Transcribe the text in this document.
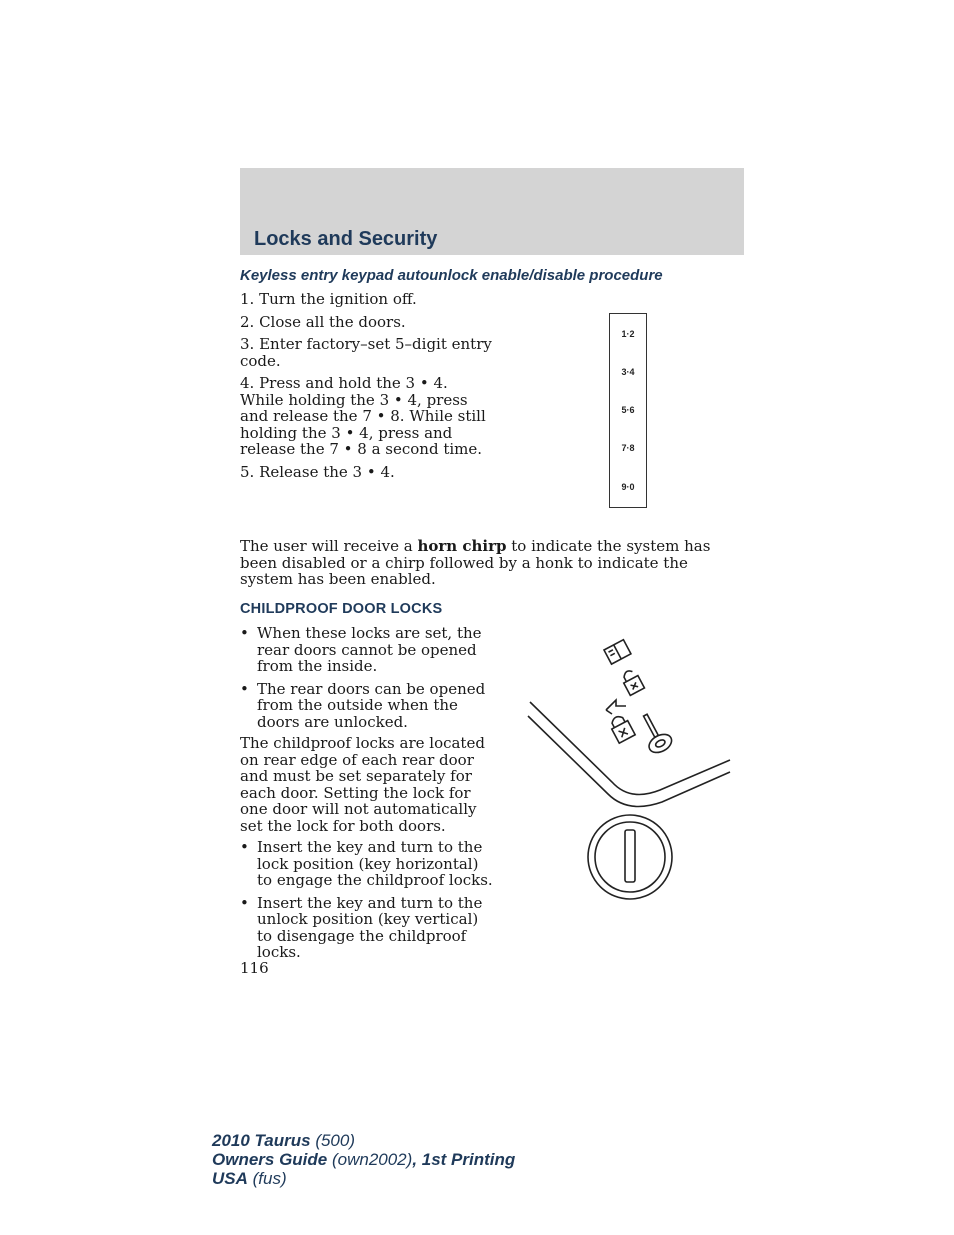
Locks and Security
Keyless entry keypad autounlock enable/disable procedure
1. Turn the ignition off.
2. Close all the doors.
3. Enter factory–set 5–digit entry code.
4. Press and hold the 3 • 4. While holding the 3 • 4, press and release the 7 • 8. While still holding the 3 • 4, press and release the 7 • 8 a second time.
5. Release the 3 • 4.
1·2
3·4
5·6
7·8
9·0

The user will receive a horn chirp to indicate the system has been disabled or a chirp followed by a honk to indicate the system has been enabled.

CHILDPROOF DOOR LOCKS
• When these locks are set, the rear doors cannot be opened from the inside.
• The rear doors can be opened from the outside when the doors are unlocked.

The childproof locks are located on rear edge of each rear door and must be set separately for each door. Setting the lock for one door will not automatically set the lock for both doors.

• Insert the key and turn to the lock position (key horizontal) to engage the childproof locks.
• Insert the key and turn to the unlock position (key vertical) to disengage the childproof locks.
116
2010 Taurus (500)
Owners Guide (own2002), 1st Printing
USA (fus)
